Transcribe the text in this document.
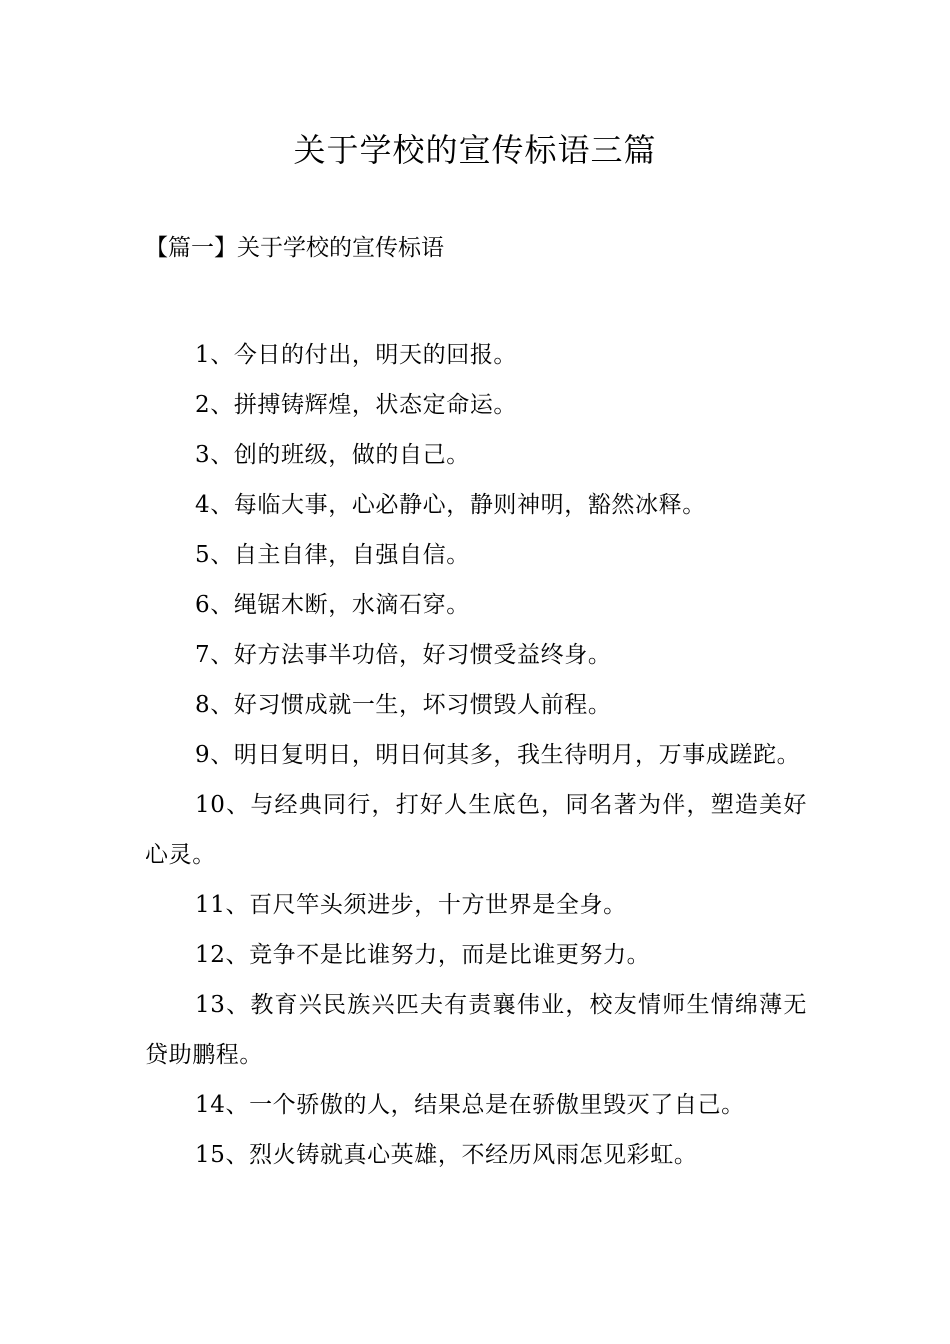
关于学校的宣传标语三篇
【篇一】关于学校的宣传标语
1、今日的付出，明天的回报。
2、拼搏铸辉煌，状态定命运。
3、创的班级，做的自己。
4、每临大事，心必静心，静则神明，豁然冰释。
5、自主自律，自强自信。
6、绳锯木断，水滴石穿。
7、好方法事半功倍，好习惯受益终身。
8、好习惯成就一生，坏习惯毁人前程。
9、明日复明日，明日何其多，我生待明月，万事成蹉跎。
10、与经典同行，打好人生底色，同名著为伴，塑造美好心灵。
11、百尺竿头须进步，十方世界是全身。
12、竞争不是比谁努力，而是比谁更努力。
13、教育兴民族兴匹夫有责襄伟业，校友情师生情绵薄无贷助鹏程。
14、一个骄傲的人，结果总是在骄傲里毁灭了自己。
15、烈火铸就真心英雄，不经历风雨怎见彩虹。
